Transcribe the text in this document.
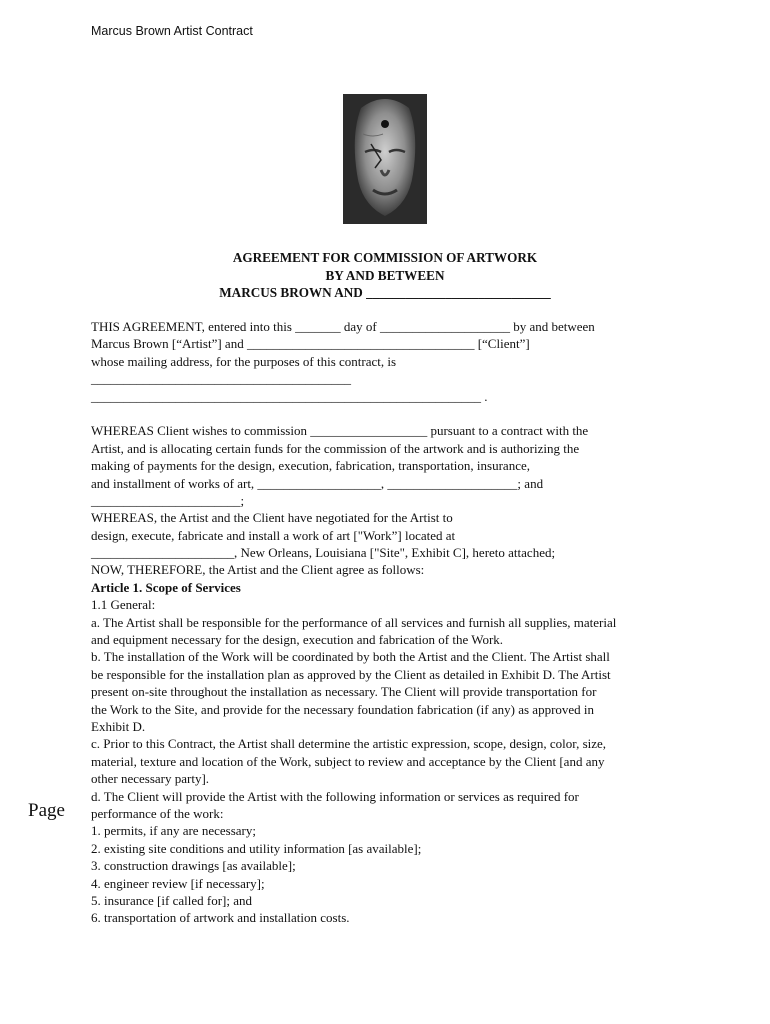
Marcus Brown Artist Contract
AGREEMENT FOR COMMISSION OF ARTWORK
BY AND BETWEEN
MARCUS BROWN AND ____________________________
THIS AGREEMENT, entered into this _______ day of ____________________ by and between
Marcus Brown [“Artist”] and ___________________________________ [“Client”]
whose mailing address, for the purposes of this contract, is
________________________________________
____________________________________________________________ .
WHEREAS Client wishes to commission __________________ pursuant to a contract with the
Artist, and is allocating certain funds for the commission of the artwork and is authorizing the
making of payments for the design, execution, fabrication, transportation, insurance,
and installment of works of art, ___________________, ____________________; and
_______________________;
WHEREAS, the Artist and the Client have negotiated for the Artist to
design, execute, fabricate and install a work of art ["Work”] located at
______________________, New Orleans, Louisiana ["Site", Exhibit C], hereto attached;
NOW, THEREFORE, the Artist and the Client agree as follows:
Article 1. Scope of Services
1.1 General:
a. The Artist shall be responsible for the performance of all services and furnish all supplies, material
and equipment necessary for the design, execution and fabrication of the Work.
b. The installation of the Work will be coordinated by both the Artist and the Client. The Artist shall
be responsible for the installation plan as approved by the Client as detailed in Exhibit D. The Artist
present on-site throughout the installation as necessary. The Client will provide transportation for
the Work to the Site, and provide for the necessary foundation fabrication (if any) as approved in
Exhibit D.
c. Prior to this Contract, the Artist shall determine the artistic expression, scope, design, color, size,
material, texture and location of the Work, subject to review and acceptance by the Client [and any
other necessary party].
d. The Client will provide the Artist with the following information or services as required for
performance of the work:
1. permits, if any are necessary;
2. existing site conditions and utility information [as available];
3. construction drawings [as available];
4. engineer review [if necessary];
5. insurance [if called for]; and
6. transportation of artwork and installation costs.
Page
